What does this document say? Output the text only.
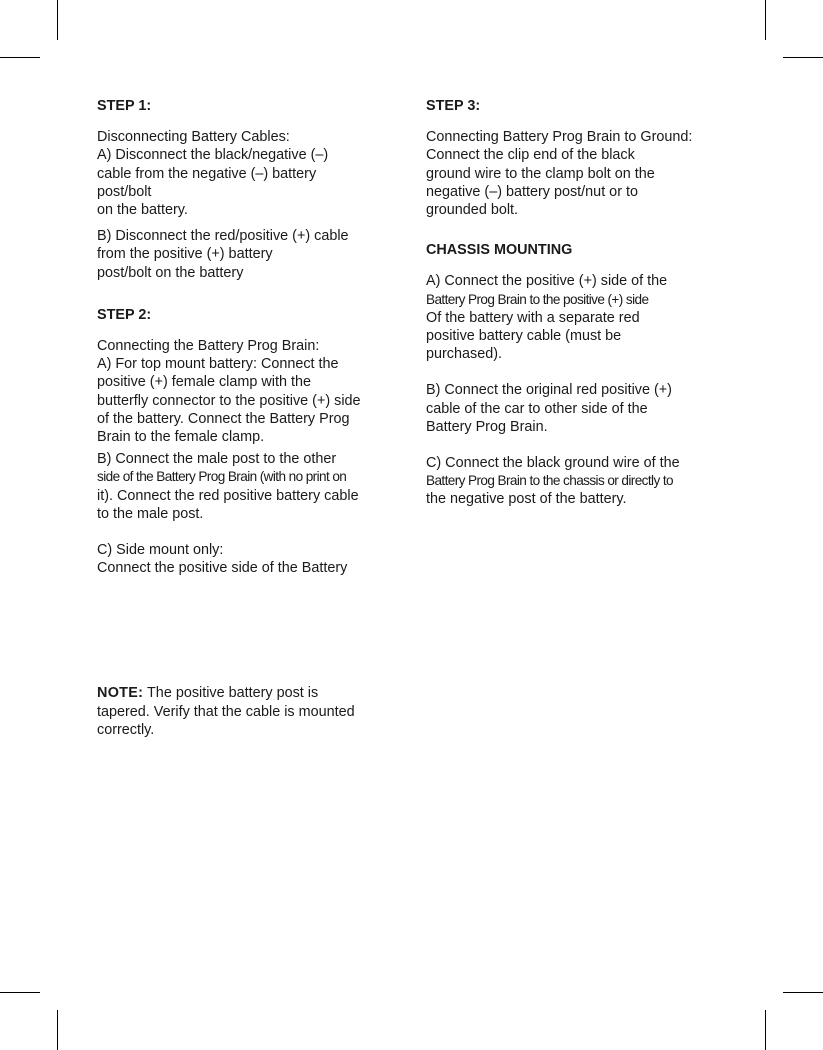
STEP 1:
Disconnecting Battery Cables:
A) Disconnect the black/negative (–)
cable from the negative (–) battery
post/bolt
on the battery.
B) Disconnect the red/positive (+) cable
from the positive (+) battery
post/bolt on the battery
STEP 2:
Connecting the Battery Prog Brain:
A) For top mount battery: Connect the
positive (+) female clamp with the
butterfly connector to the positive (+) side
of the battery. Connect the Battery Prog
Brain to the female clamp.
B) Connect the male post to the other
side of the Battery Prog Brain (with no print on
it). Connect the red positive battery cable
to the male post.
C) Side mount only:
Connect the positive side of the Battery
NOTE: The positive battery post is
tapered. Verify that the cable is mounted
correctly.
STEP 3:
Connecting Battery Prog Brain to Ground:
Connect the clip end of the black
ground wire to the clamp bolt on the
negative (–) battery post/nut or to
grounded bolt.
CHASSIS MOUNTING
A) Connect the positive (+) side of the
Battery Prog Brain to the positive (+) side
Of the battery with a separate red
positive battery cable (must be
purchased).
B) Connect the original red positive (+)
cable of the car to other side of the
Battery Prog Brain.
C) Connect the black ground wire of the
Battery Prog Brain to the chassis or directly to
the negative post of the battery.
